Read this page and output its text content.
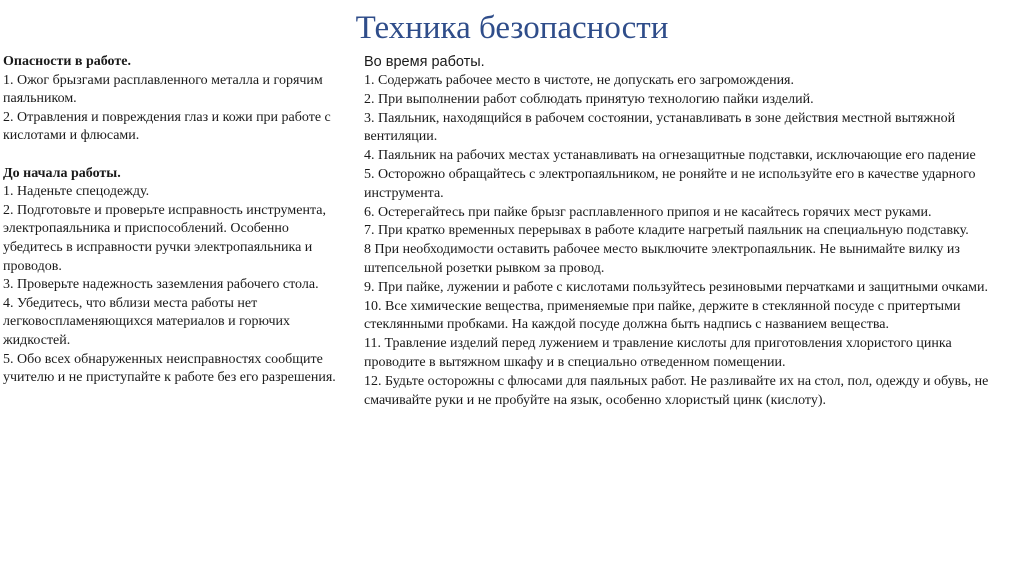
Техника безопасности

Опасности в работе.

1. Ожог брызгами расплавленного металла и горячим паяльником.

2. Отравления и повреждения глаз и кожи при работе с кислотами и флюсами.

До начала работы.

1. Наденьте спецодежду.

2. Подготовьте и проверьте исправность инструмента, электропаяльника и приспособлений. Особенно убедитесь в исправности ручки электропаяльника и проводов.

3. Проверьте надежность заземления рабочего стола.

4. Убедитесь, что вблизи места работы нет легковоспламеняющихся материалов и горючих жидкостей.

5. Обо всех обнаруженных неисправностях сообщите учителю и не приступайте к работе без его разрешения.

Во время работы.

1. Содержать рабочее место в чистоте, не допускать его загромождения.

2. При выполнении работ соблюдать принятую технологию пайки изделий.

3. Паяльник, находящийся в рабочем состоянии, устанавливать в зоне действия местной вытяжной вентиляции.

4. Паяльник на рабочих местах устанавливать на огнезащитные подставки, исключающие его падение

5. Осторожно обращайтесь с электропаяльником, не роняйте и не используйте его в качестве ударного инструмента.

6. Остерегайтесь при пайке брызг расплавленного припоя и не касайтесь горячих мест руками.

7. При кратко временных перерывах в работе кладите нагретый паяльник на специальную подставку.

8 При необходимости оставить рабочее место выключите электропаяльник. Не вынимайте вилку из штепсельной розетки рывком за провод.

9. При пайке, лужении и работе с кислотами пользуйтесь резиновыми перчатками и защитными очками.

10. Все химические вещества, применяемые при пайке, держите в стеклянной посуде с притертыми стеклянными пробками. На каждой посуде должна быть надпись с названием вещества.

11. Травление изделий перед лужением и травление кислоты для приготовления хлористого цинка проводите в вытяжном шкафу и в специально отведенном помещении.

12. Будьте осторожны с флюсами для паяльных работ. Не разливайте их на стол, пол, одежду и обувь, не смачивайте руки и не пробуйте на язык, особенно хлористый цинк (кислоту).
